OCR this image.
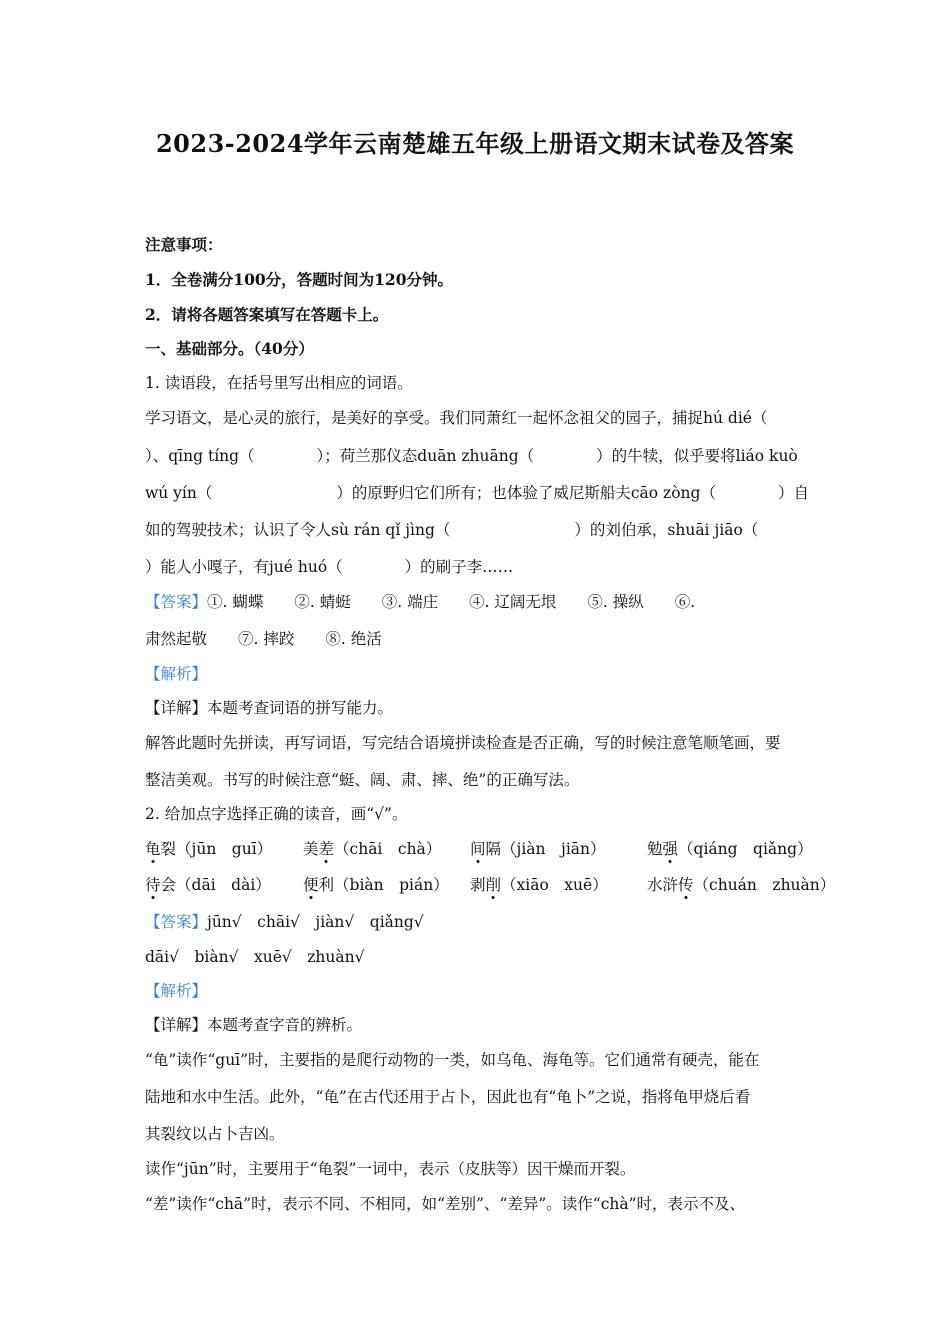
2023-2024学年云南楚雄五年级上册语文期末试卷及答案
注意事项：
1．全卷满分100分，答题时间为120分钟。
2．请将各题答案填写在答题卡上。
一、基础部分。（40分）
1. 读语段，在括号里写出相应的词语。
学习语文，是心灵的旅行，是美好的享受。我们同萧红一起怀念祖父的园子，捕捉hú dié（
）、qīng tíng（　　　　）；荷兰那仪态duān zhuāng（　　　　）的牛犊，似乎要将liáo kuò
wú yín（　　　　　　　　）的原野归它们所有；也体验了威尼斯船夫cāo zòng（　　　　）自
如的驾驶技术；认识了令人sù rán qǐ jìng（　　　　　　　　）的刘伯承，shuāi jiāo（
）能人小嘎子，有jué huó（　　　　）的刷子李……
【答案】①. 蝴蝶　　②. 蜻蜓　　③. 端庄　　④. 辽阔无垠　　⑤. 操纵　　⑥.
肃然起敬　　⑦. 摔跤　　⑧. 绝活
【解析】
【详解】本题考查词语的拼写能力。
解答此题时先拼读，再写词语，写完结合语境拼读检查是否正确，写的时候注意笔顺笔画，要
整洁美观。书写的时候注意“蜓、阔、肃、摔、绝”的正确写法。
2. 给加点字选择正确的读音，画“√”。
龟裂（jūn　guī） 美差（chāi　chà） 间隔（jiàn　jiān）	勉强（qiáng　qiǎng）
待会（dāi　dài） 便利（biàn　pián） 剥削（xiāo　xuē）	水浒传（chuán　zhuàn）
【答案】jūn√　chāi√　jiàn√　qiǎng√
dāi√　biàn√　xuē√　zhuàn√
【解析】
【详解】本题考查字音的辨析。
“龟”读作“guī”时，主要指的是爬行动物的一类，如乌龟、海龟等。它们通常有硬壳，能在
陆地和水中生活。此外，“龟”在古代还用于占卜，因此也有“龟卜”之说，指将龟甲烧后看
其裂纹以占卜吉凶。
读作“jūn”时，主要用于“龟裂”一词中，表示（皮肤等）因干燥而开裂。
“差”读作“chā”时，表示不同、不相同，如“差别”、“差异”。读作“chà”时，表示不及、
